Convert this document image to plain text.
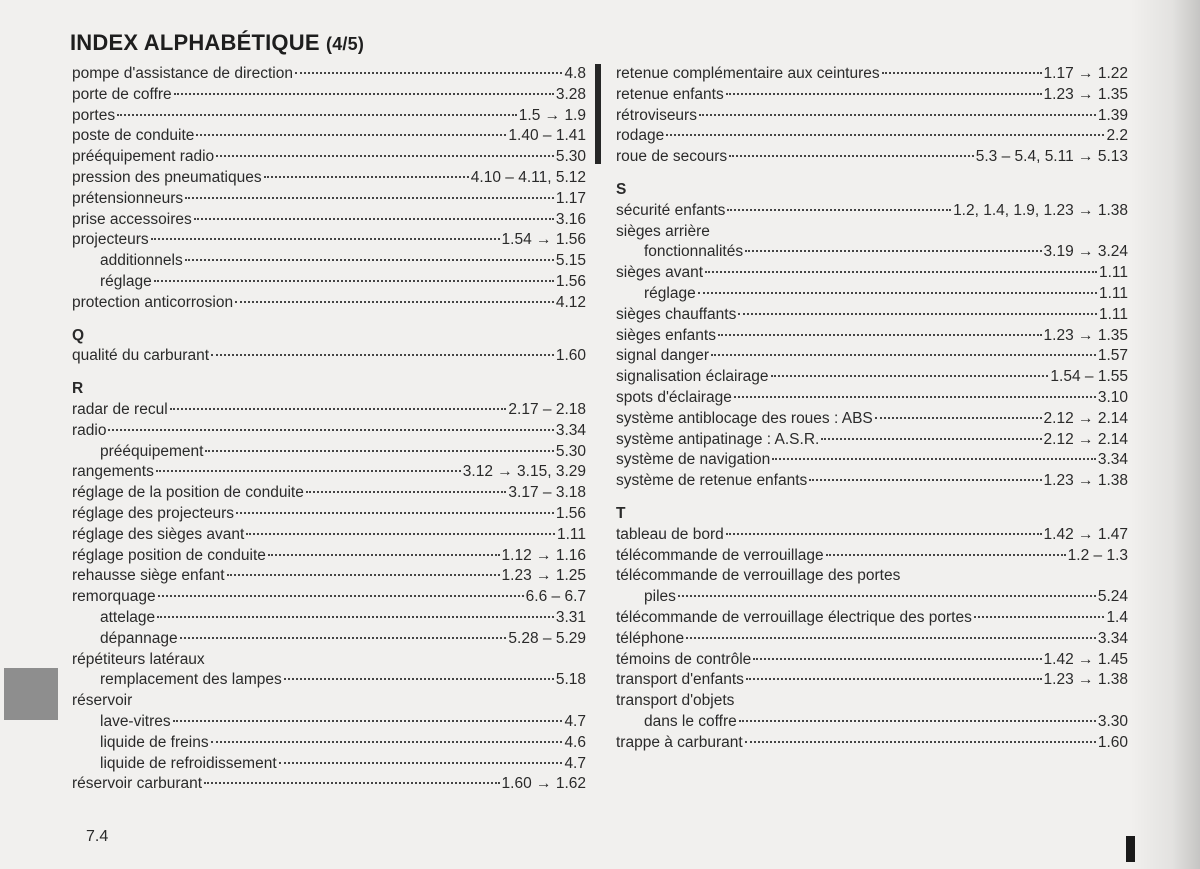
INDEX ALPHABÉTIQUE (4/5)
pompe d'assistance de direction	4.8
porte de coffre	3.28
portes	1.5 → 1.9
poste de conduite	1.40 – 1.41
prééquipement radio	5.30
pression des pneumatiques	4.10 – 4.11, 5.12
prétensionneurs	1.17
prise accessoires	3.16
projecteurs	1.54 → 1.56
additionnels	5.15
réglage	1.56
protection anticorrosion	4.12
Q
qualité du carburant	1.60
R
radar de recul	2.17 – 2.18
radio	3.34
prééquipement	5.30
rangements	3.12 → 3.15, 3.29
réglage de la position de conduite	3.17 – 3.18
réglage des projecteurs	1.56
réglage des sièges avant	1.11
réglage position de conduite	1.12 → 1.16
rehausse siège enfant	1.23 → 1.25
remorquage	6.6 – 6.7
attelage	3.31
dépannage	5.28 – 5.29
répétiteurs latéraux
remplacement des lampes	5.18
réservoir
lave-vitres	4.7
liquide de freins	4.6
liquide de refroidissement	4.7
réservoir carburant	1.60 → 1.62
retenue complémentaire aux ceintures	1.17 → 1.22
retenue enfants	1.23 → 1.35
rétroviseurs	1.39
rodage	2.2
roue de secours	5.3 – 5.4, 5.11 → 5.13
S
sécurité enfants	1.2, 1.4, 1.9, 1.23 → 1.38
sièges arrière
fonctionnalités	3.19 → 3.24
sièges avant	1.11
réglage	1.11
sièges chauffants	1.11
sièges enfants	1.23 → 1.35
signal danger	1.57
signalisation éclairage	1.54 – 1.55
spots d'éclairage	3.10
système antiblocage des roues : ABS	2.12 → 2.14
système antipatinage : A.S.R.	2.12 → 2.14
système de navigation	3.34
système de retenue enfants	1.23 → 1.38
T
tableau de bord	1.42 → 1.47
télécommande de verrouillage	1.2 – 1.3
télécommande de verrouillage des portes
piles	5.24
télécommande de verrouillage électrique des portes	1.4
téléphone	3.34
témoins de contrôle	1.42 → 1.45
transport d'enfants	1.23 → 1.38
transport d'objets
dans le coffre	3.30
trappe à carburant	1.60
7.4
